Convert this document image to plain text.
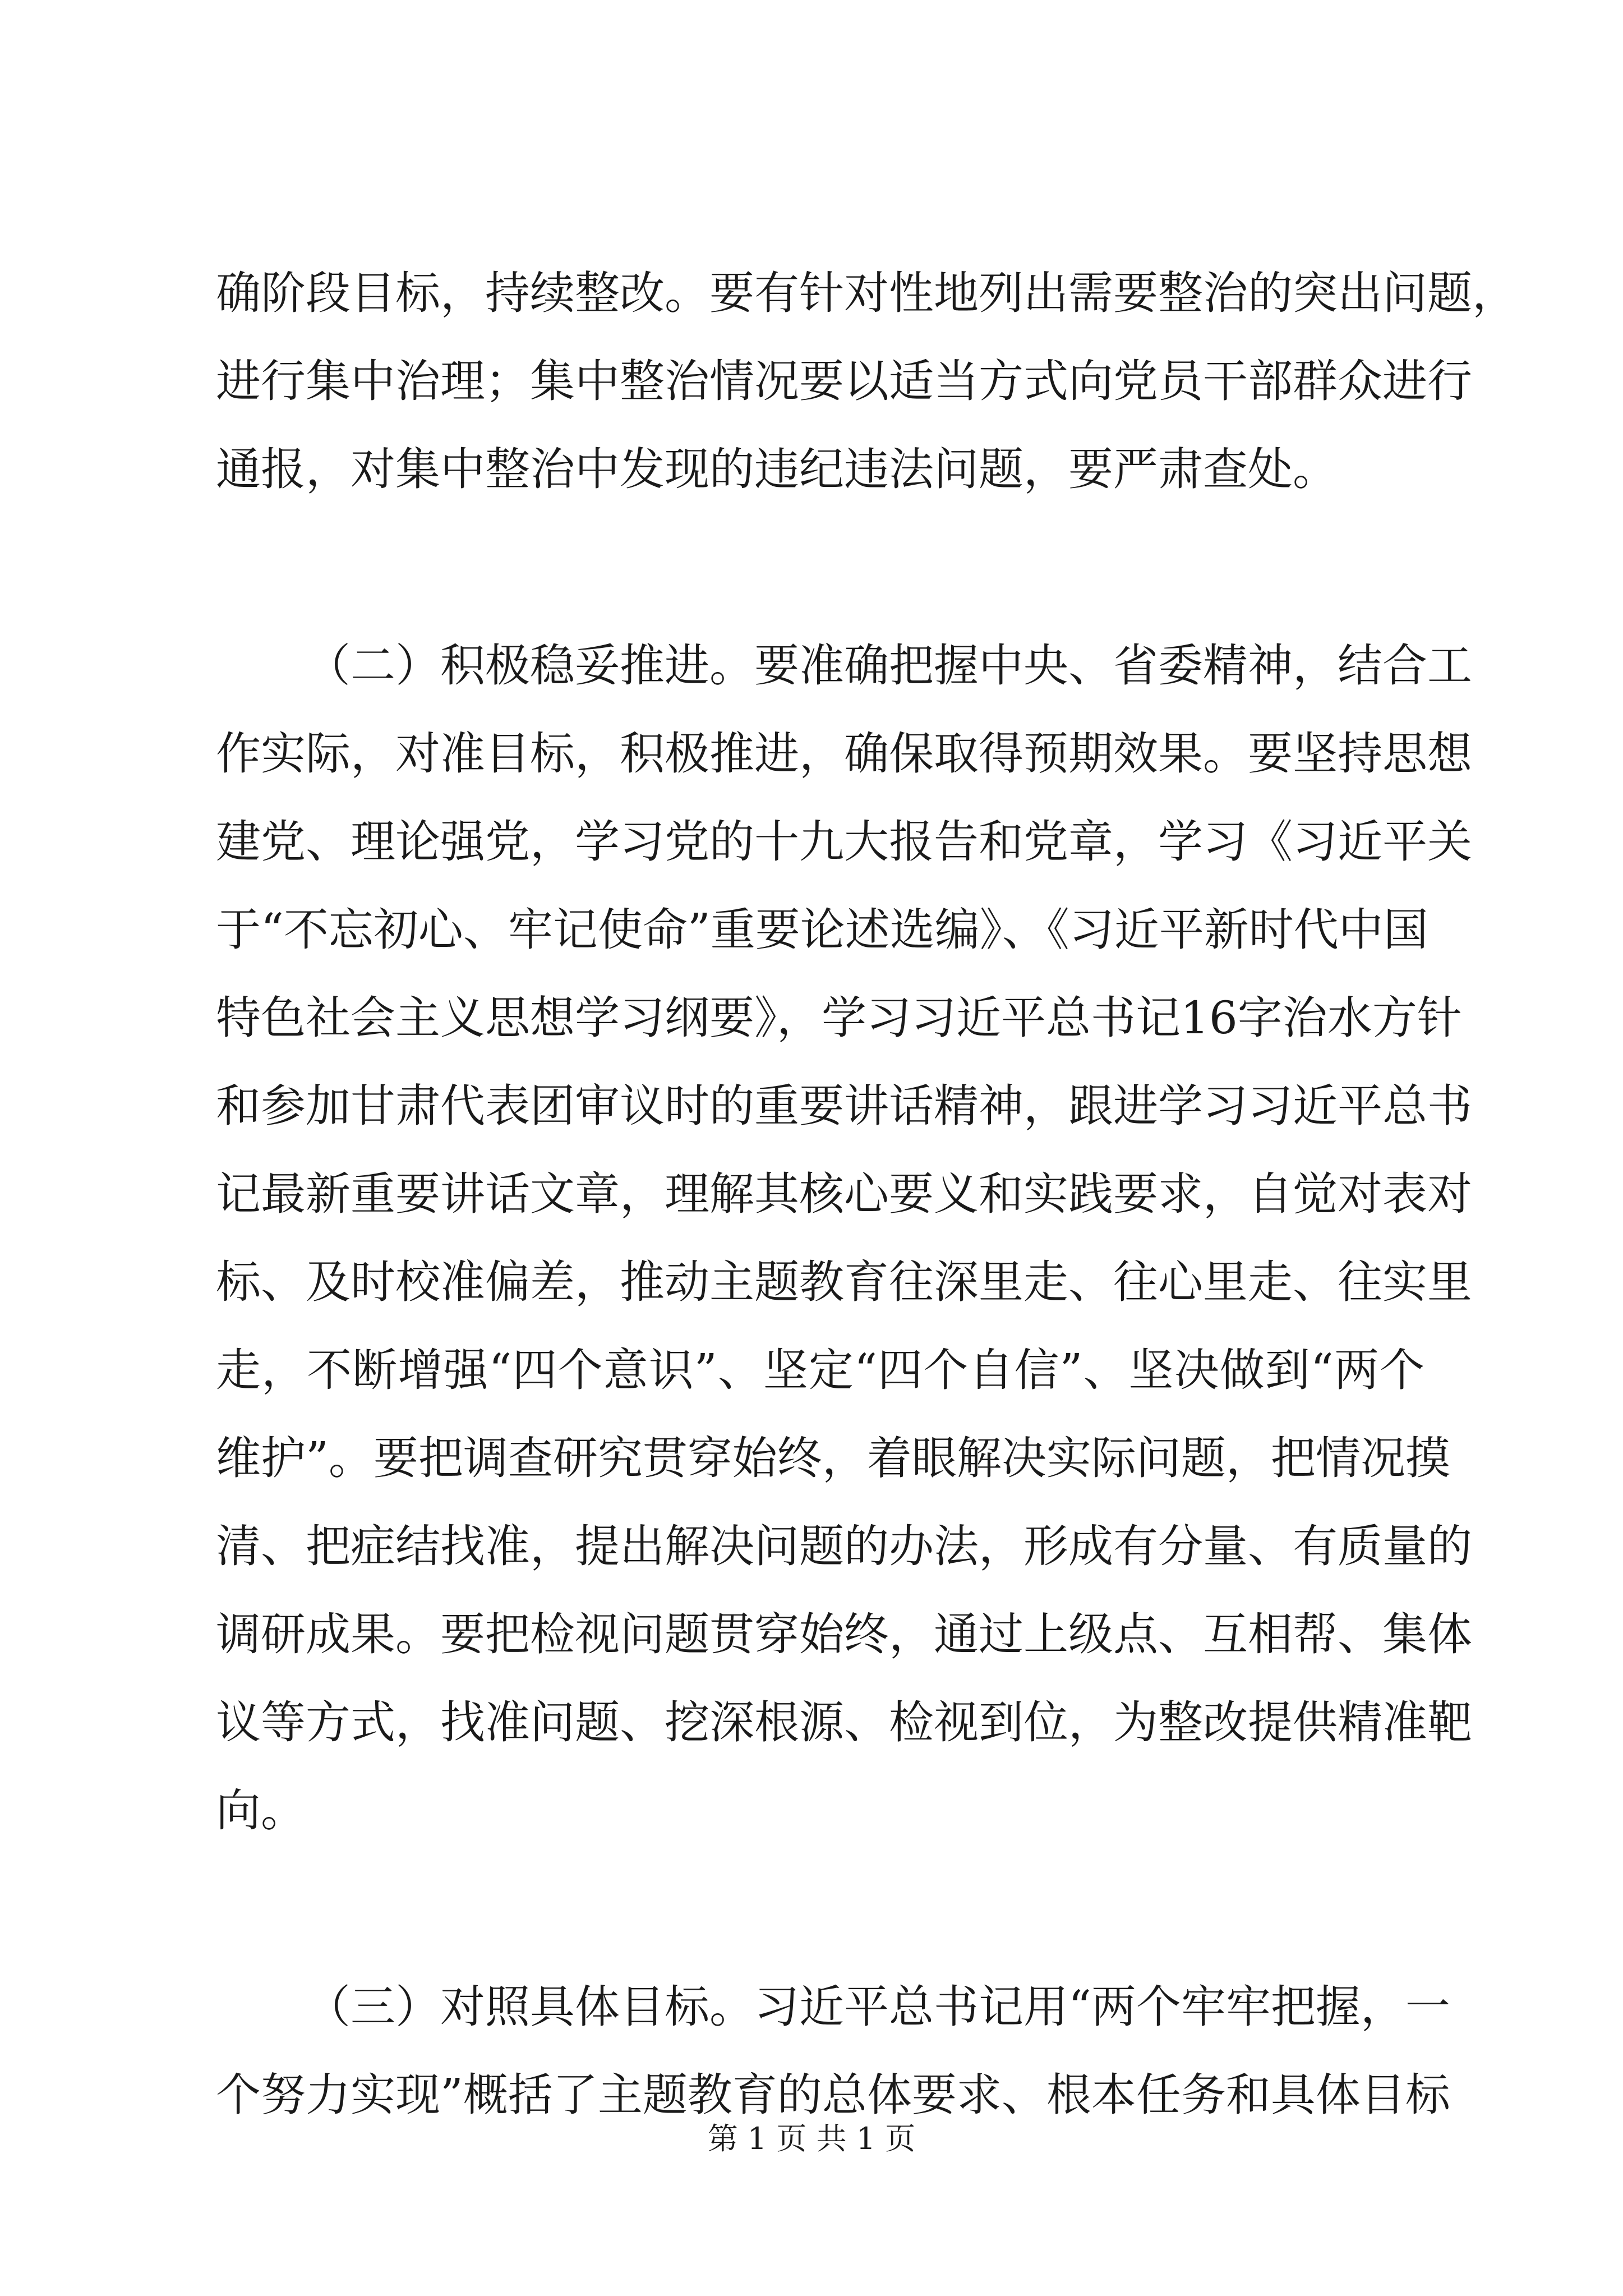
确阶段目标，持续整改。要有针对性地列出需要整治的突出问题，
进行集中治理；集中整治情况要以适当方式向党员干部群众进行
通报，对集中整治中发现的违纪违法问题，要严肃查处。
（二）积极稳妥推进。要准确把握中央、省委精神，结合工
作实际，对准目标，积极推进，确保取得预期效果。要坚持思想
建党、理论强党，学习党的十九大报告和党章，学习《习近平关
于“不忘初心、牢记使命”重要论述选编》、《习近平新时代中国
特色社会主义思想学习纲要》，学习习近平总书记16字治水方针
和参加甘肃代表团审议时的重要讲话精神，跟进学习习近平总书
记最新重要讲话文章，理解其核心要义和实践要求，自觉对表对
标、及时校准偏差，推动主题教育往深里走、往心里走、往实里
走，不断增强“四个意识”、坚定“四个自信”、坚决做到“两个
维护”。要把调查研究贯穿始终，着眼解决实际问题，把情况摸
清、把症结找准，提出解决问题的办法，形成有分量、有质量的
调研成果。要把检视问题贯穿始终，通过上级点、互相帮、集体
议等方式，找准问题、挖深根源、检视到位，为整改提供精准靶
向。
（三）对照具体目标。习近平总书记用“两个牢牢把握，一
个努力实现”概括了主题教育的总体要求、根本任务和具体目标
第 1 页 共 1 页
